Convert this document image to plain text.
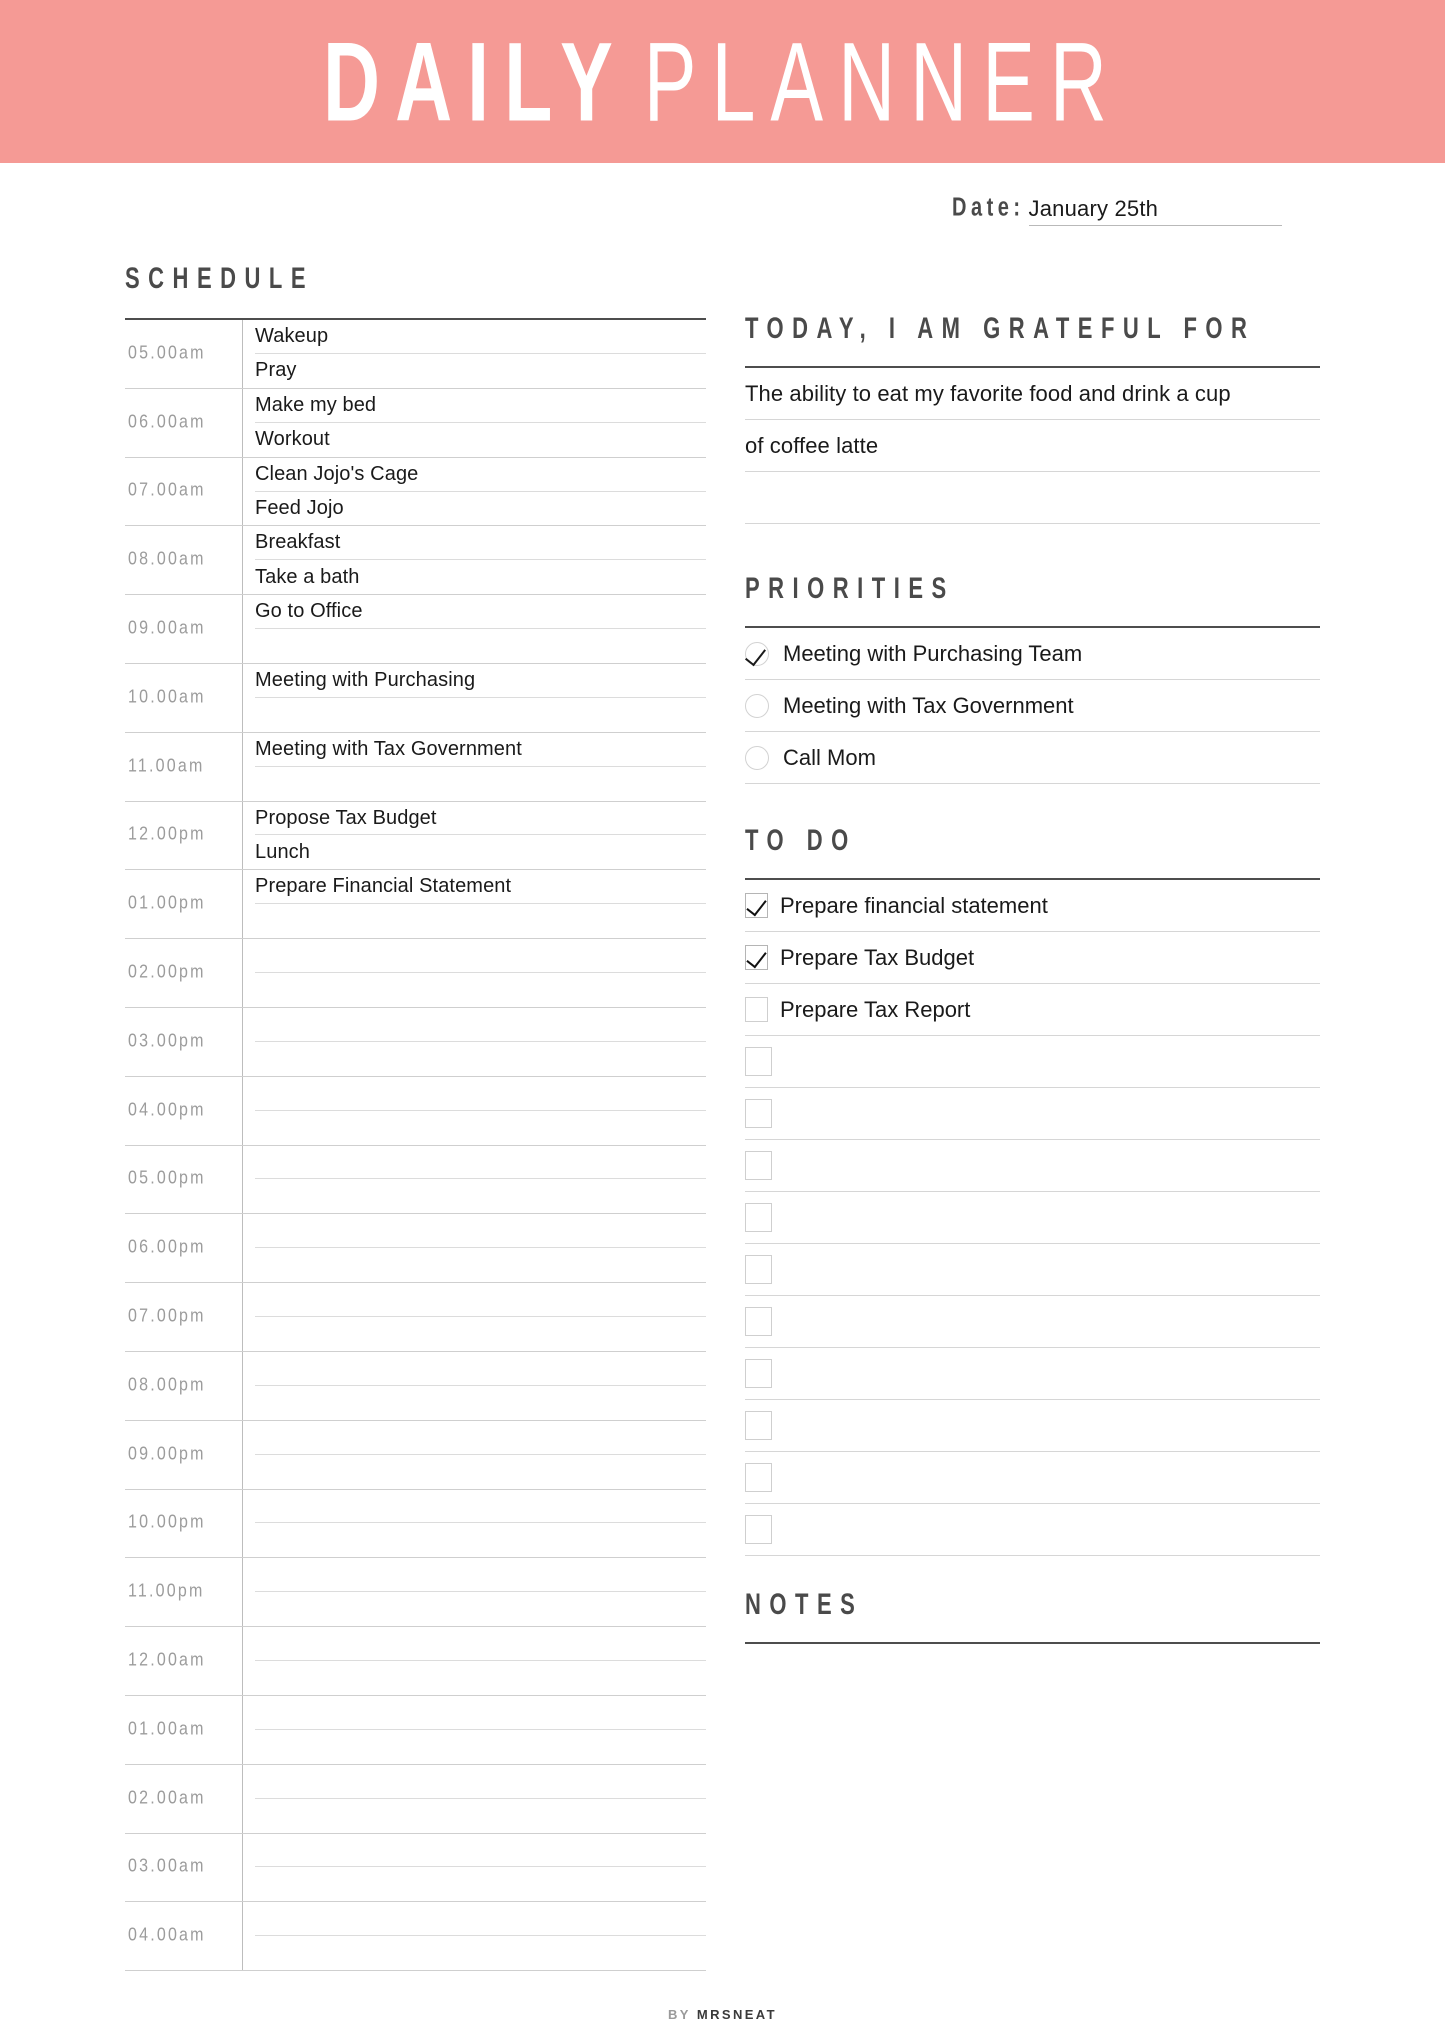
DAILY PLANNER
Date: January 25th
SCHEDULE
05.00am
Wakeup
Pray
06.00am
Make my bed
Workout
07.00am
Clean Jojo's Cage
Feed Jojo
08.00am
Breakfast
Take a bath
09.00am
Go to Office
10.00am
Meeting with Purchasing
11.00am
Meeting with Tax Government
12.00pm
Propose Tax Budget
Lunch
01.00pm
Prepare Financial Statement
02.00pm
03.00pm
04.00pm
05.00pm
06.00pm
07.00pm
08.00pm
09.00pm
10.00pm
11.00pm
12.00am
01.00am
02.00am
03.00am
04.00am
TODAY, I AM GRATEFUL FOR
The ability to eat my favorite food and drink a cup
of coffee latte
PRIORITIES
Meeting with Purchasing Team
Meeting with Tax Government
Call Mom
TO DO
Prepare financial statement
Prepare Tax Budget
Prepare Tax Report
NOTES
BY MRSNEAT
